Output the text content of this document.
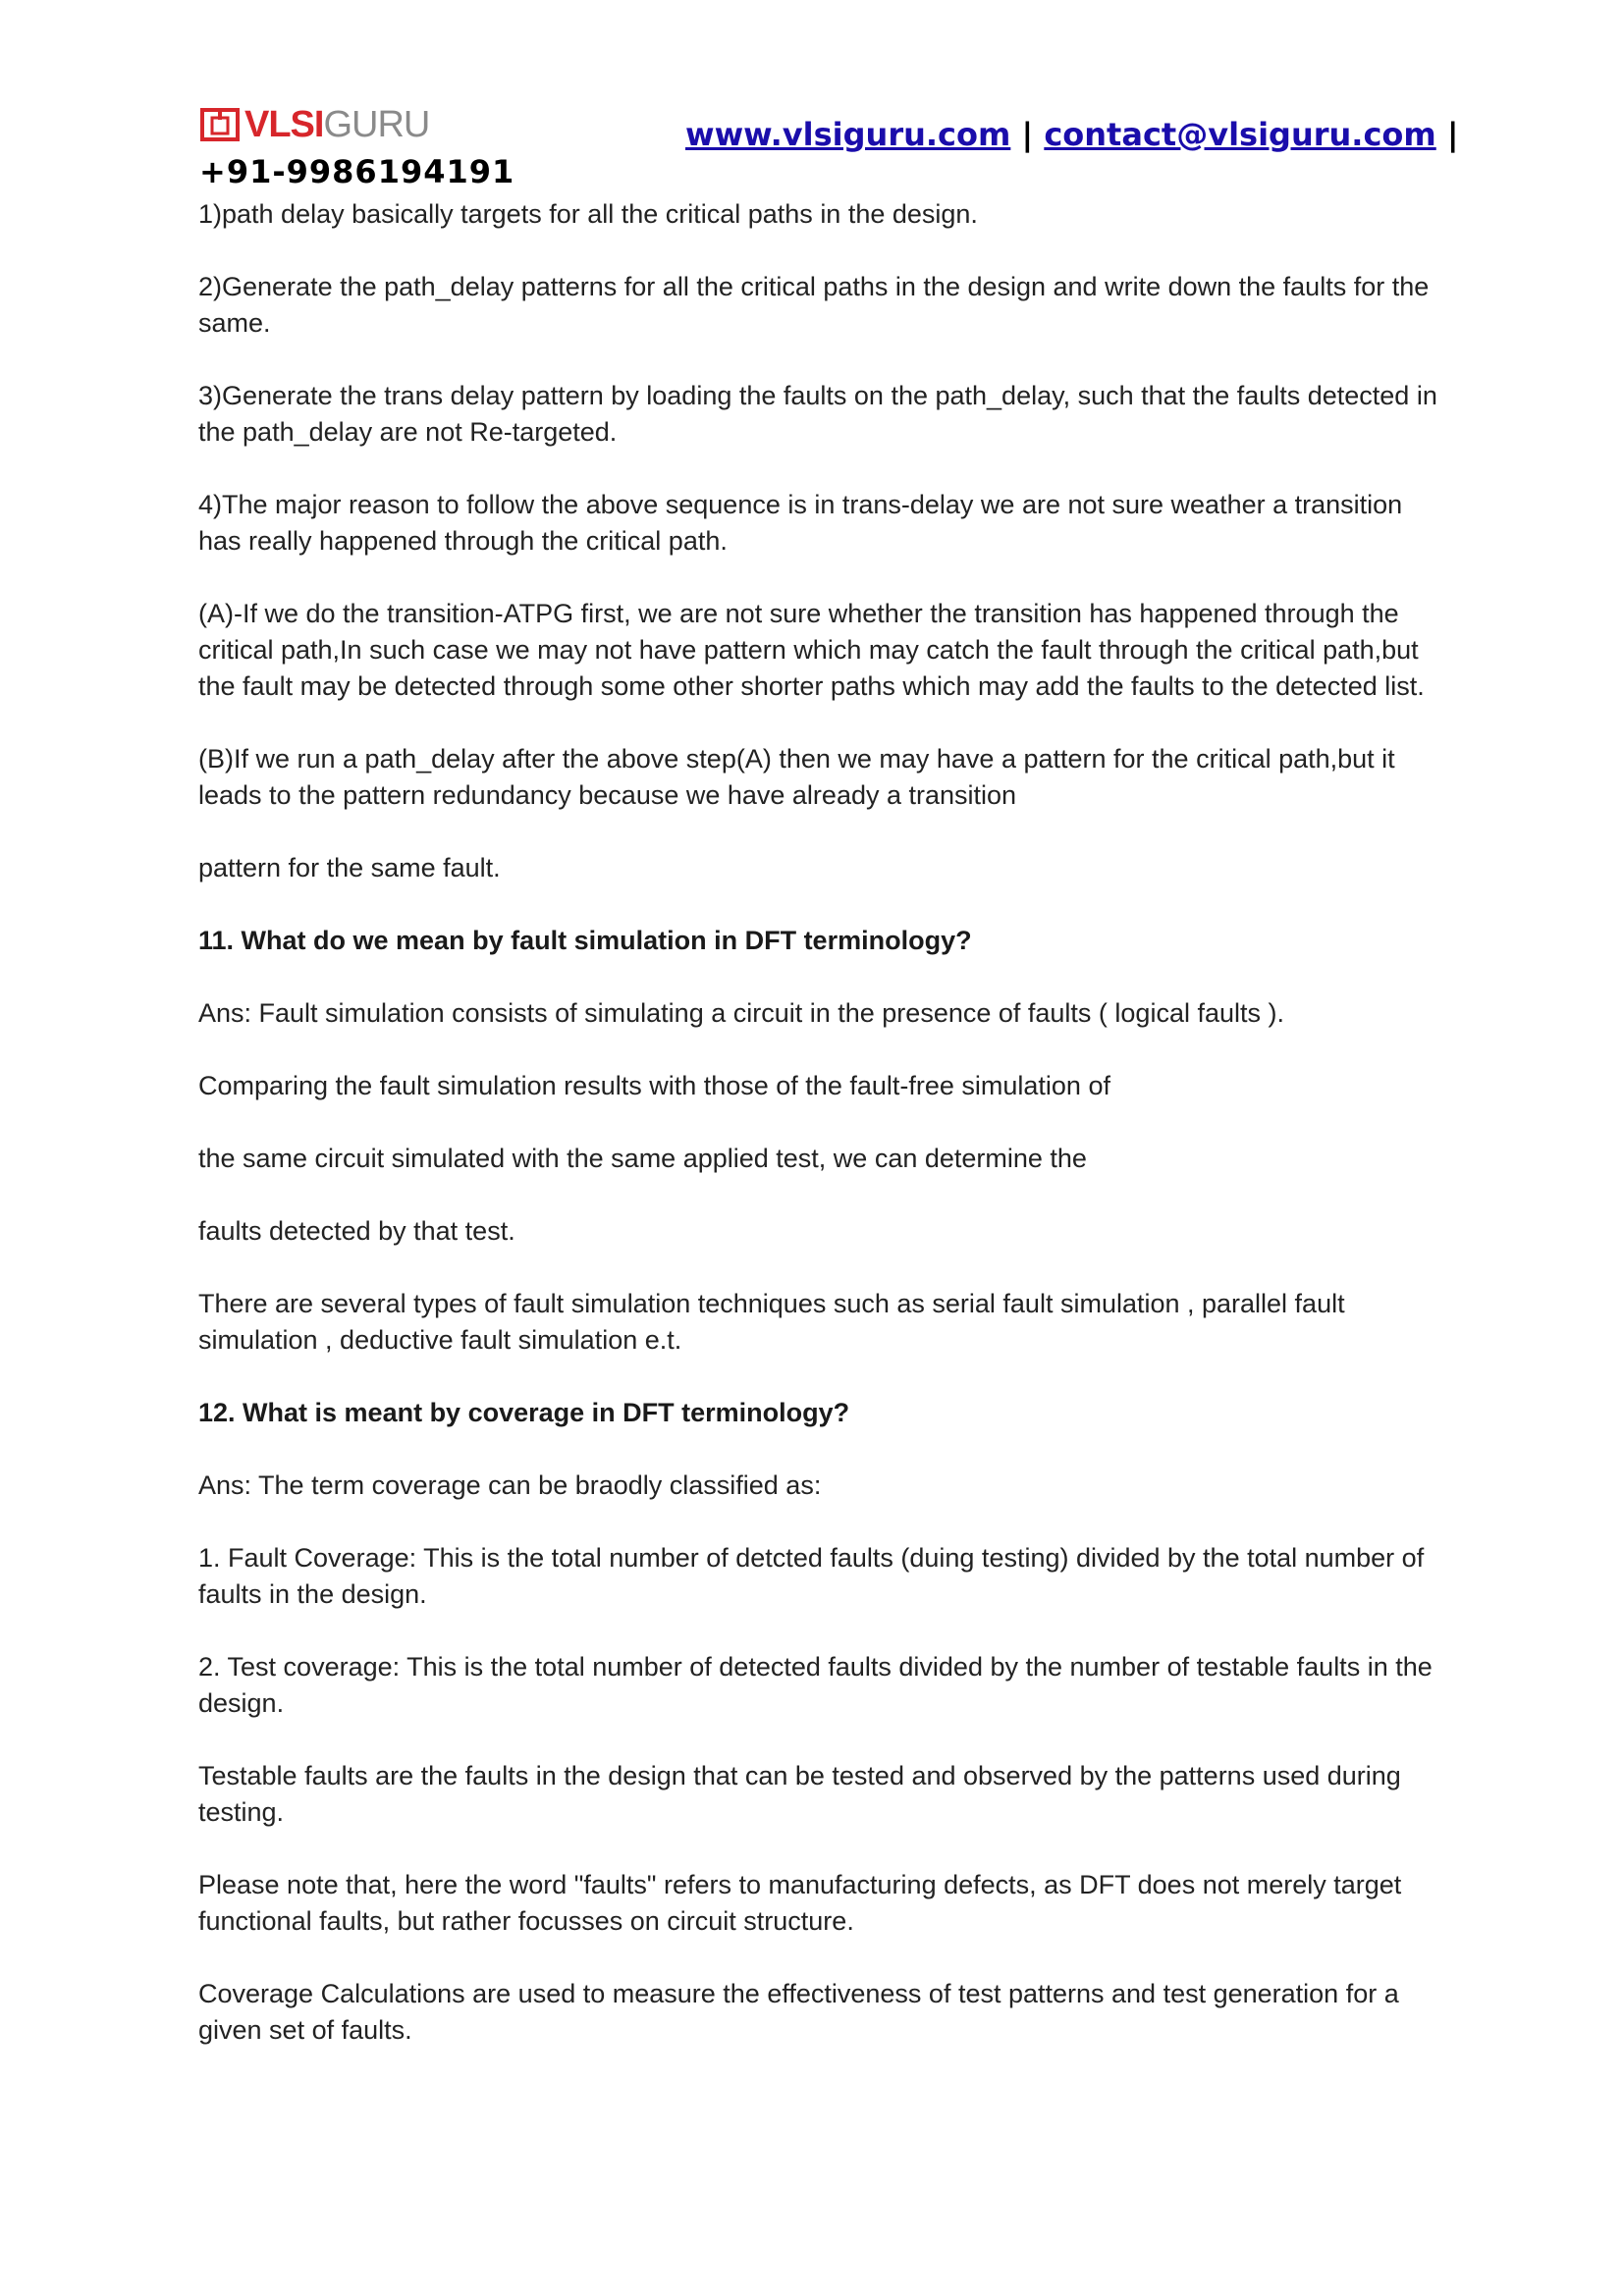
VLSIGURU	www.vlsiguru.com | contact@vlsiguru.com |
+91-9986194191

1)path delay basically targets for all the critical paths in the design.

2)Generate the path_delay patterns for all the critical paths in the design and write down the faults for the same.

3)Generate the trans delay pattern by loading the faults on the path_delay, such that the faults detected in the path_delay are not Re-targeted.

4)The major reason to follow the above sequence is in trans-delay we are not sure weather a transition has really happened through the critical path.

(A)-If we do the transition-ATPG first, we are not sure whether the transition has happened through the critical path,In such case we may not have pattern which may catch the fault through the critical path,but the fault may be detected through some other shorter paths which may add the faults to the detected list.

(B)If we run a path_delay after the above step(A) then we may have a pattern for the critical path,but it leads to the pattern redundancy because we have already a transition

pattern for the same fault.

11. What do we mean by fault simulation in DFT terminology?

Ans: Fault simulation consists of simulating a circuit in the presence of faults ( logical faults ).

Comparing the fault simulation results with those of the fault-free simulation of

the same circuit simulated with the same applied test, we can determine the

faults detected by that test.

There are several types of fault simulation techniques such as serial fault simulation , parallel fault simulation , deductive fault simulation e.t.

12. What is meant by coverage in DFT terminology?

Ans: The term coverage can be braodly classified as:

1. Fault Coverage: This is the total number of detcted faults (duing testing) divided by the total number of faults in the design.

2. Test coverage: This is the total number of detected faults divided by the number of testable faults in the design.

Testable faults are the faults in the design that can be tested and observed by the patterns used during testing.

Please note that, here the word "faults" refers to manufacturing defects, as DFT does not merely target functional faults, but rather focusses on circuit structure.

Coverage Calculations are used to measure the effectiveness of test patterns and test generation for a given set of faults.
